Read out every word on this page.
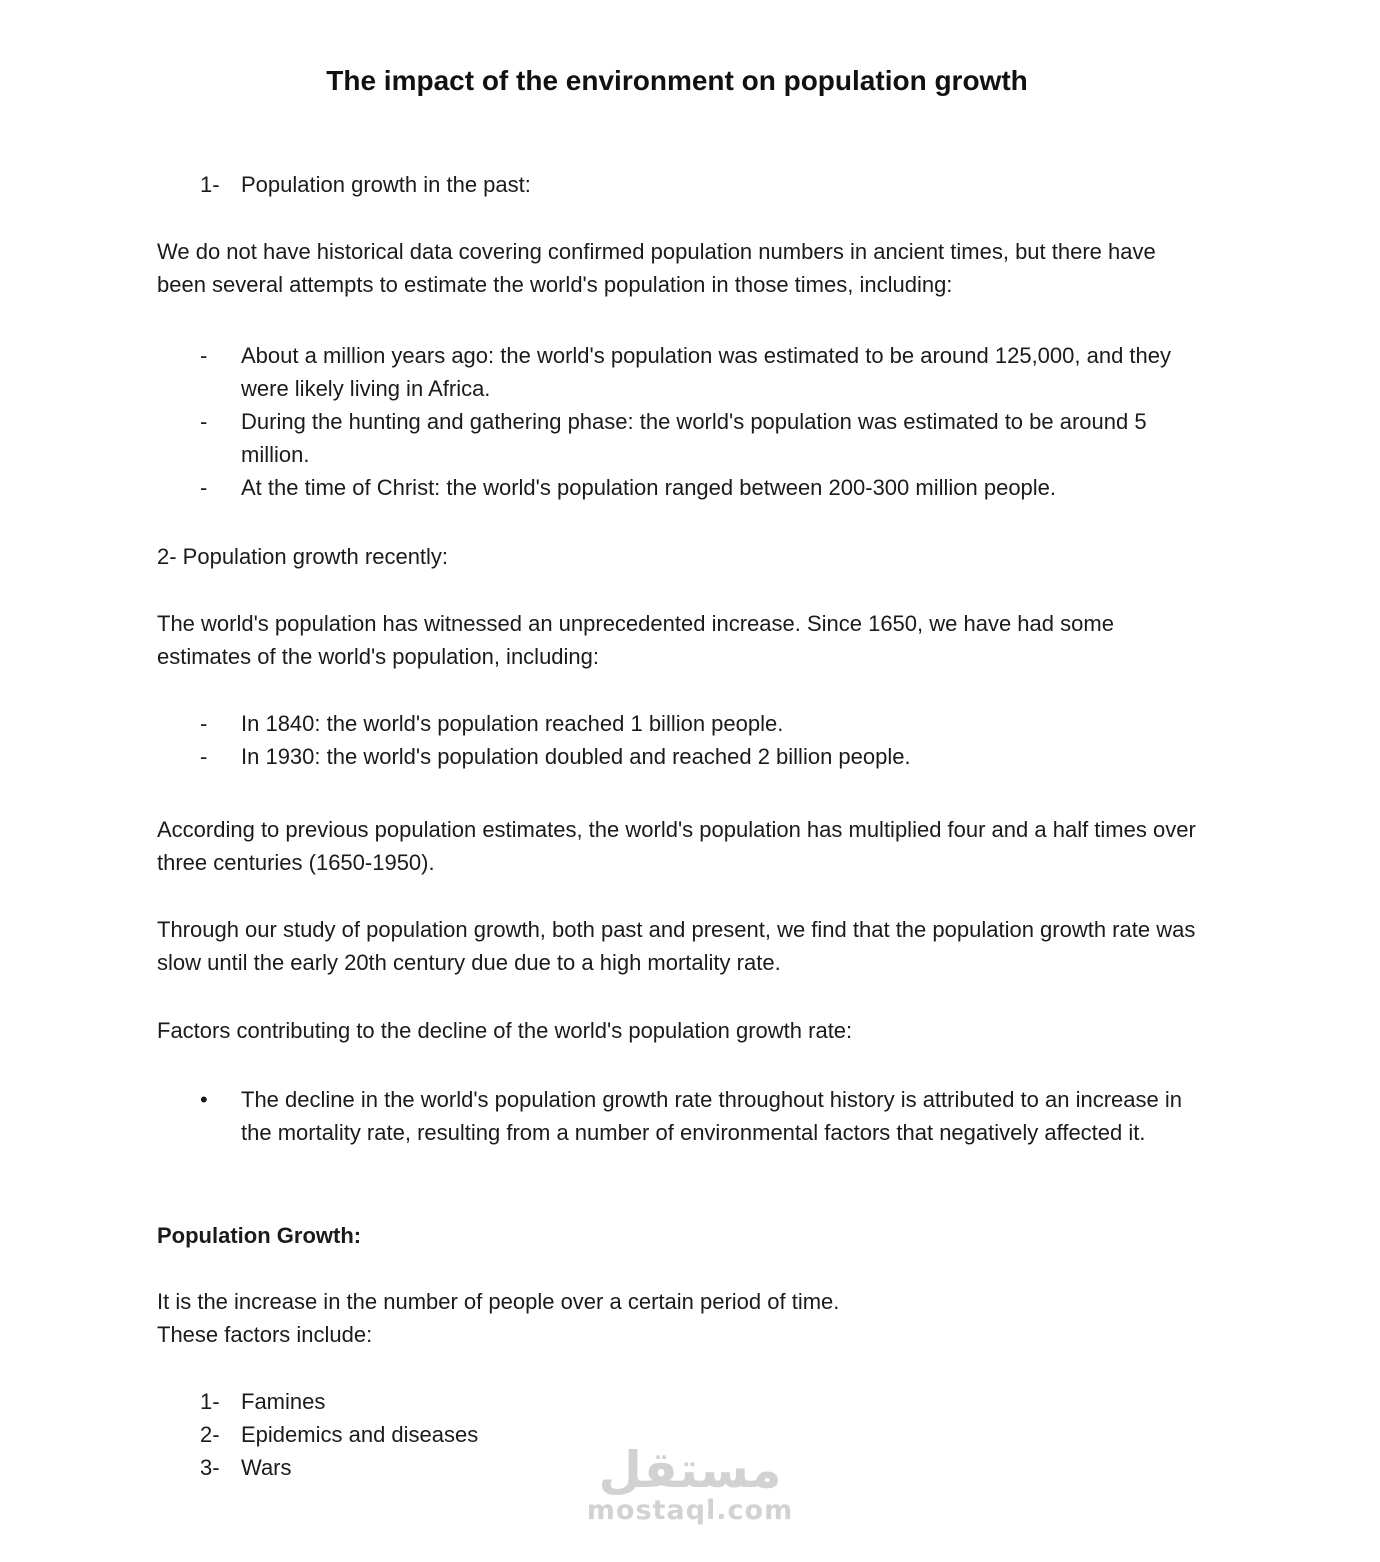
The impact of the environment on population growth
1- Population growth in the past:

We do not have historical data covering confirmed population numbers in ancient times, but there have been several attempts to estimate the world's population in those times, including:

- About a million years ago: the world's population was estimated to be around 125,000, and they were likely living in Africa.
- During the hunting and gathering phase: the world's population was estimated to be around 5 million.
- At the time of Christ: the world's population ranged between 200-300 million people.

2- Population growth recently:

The world's population has witnessed an unprecedented increase. Since 1650, we have had some estimates of the world's population, including:

- In 1840: the world's population reached 1 billion people.
- In 1930: the world's population doubled and reached 2 billion people.

According to previous population estimates, the world's population has multiplied four and a half times over three centuries (1650-1950).

Through our study of population growth, both past and present, we find that the population growth rate was slow until the early 20th century due due to a high mortality rate.

Factors contributing to the decline of the world's population growth rate:

• The decline in the world's population growth rate throughout history is attributed to an increase in the mortality rate, resulting from a number of environmental factors that negatively affected it.
Population Growth:

It is the increase in the number of people over a certain period of time.
These factors include:

1- Famines
2- Epidemics and diseases
3- Wars	مستقل
mostaql.com
